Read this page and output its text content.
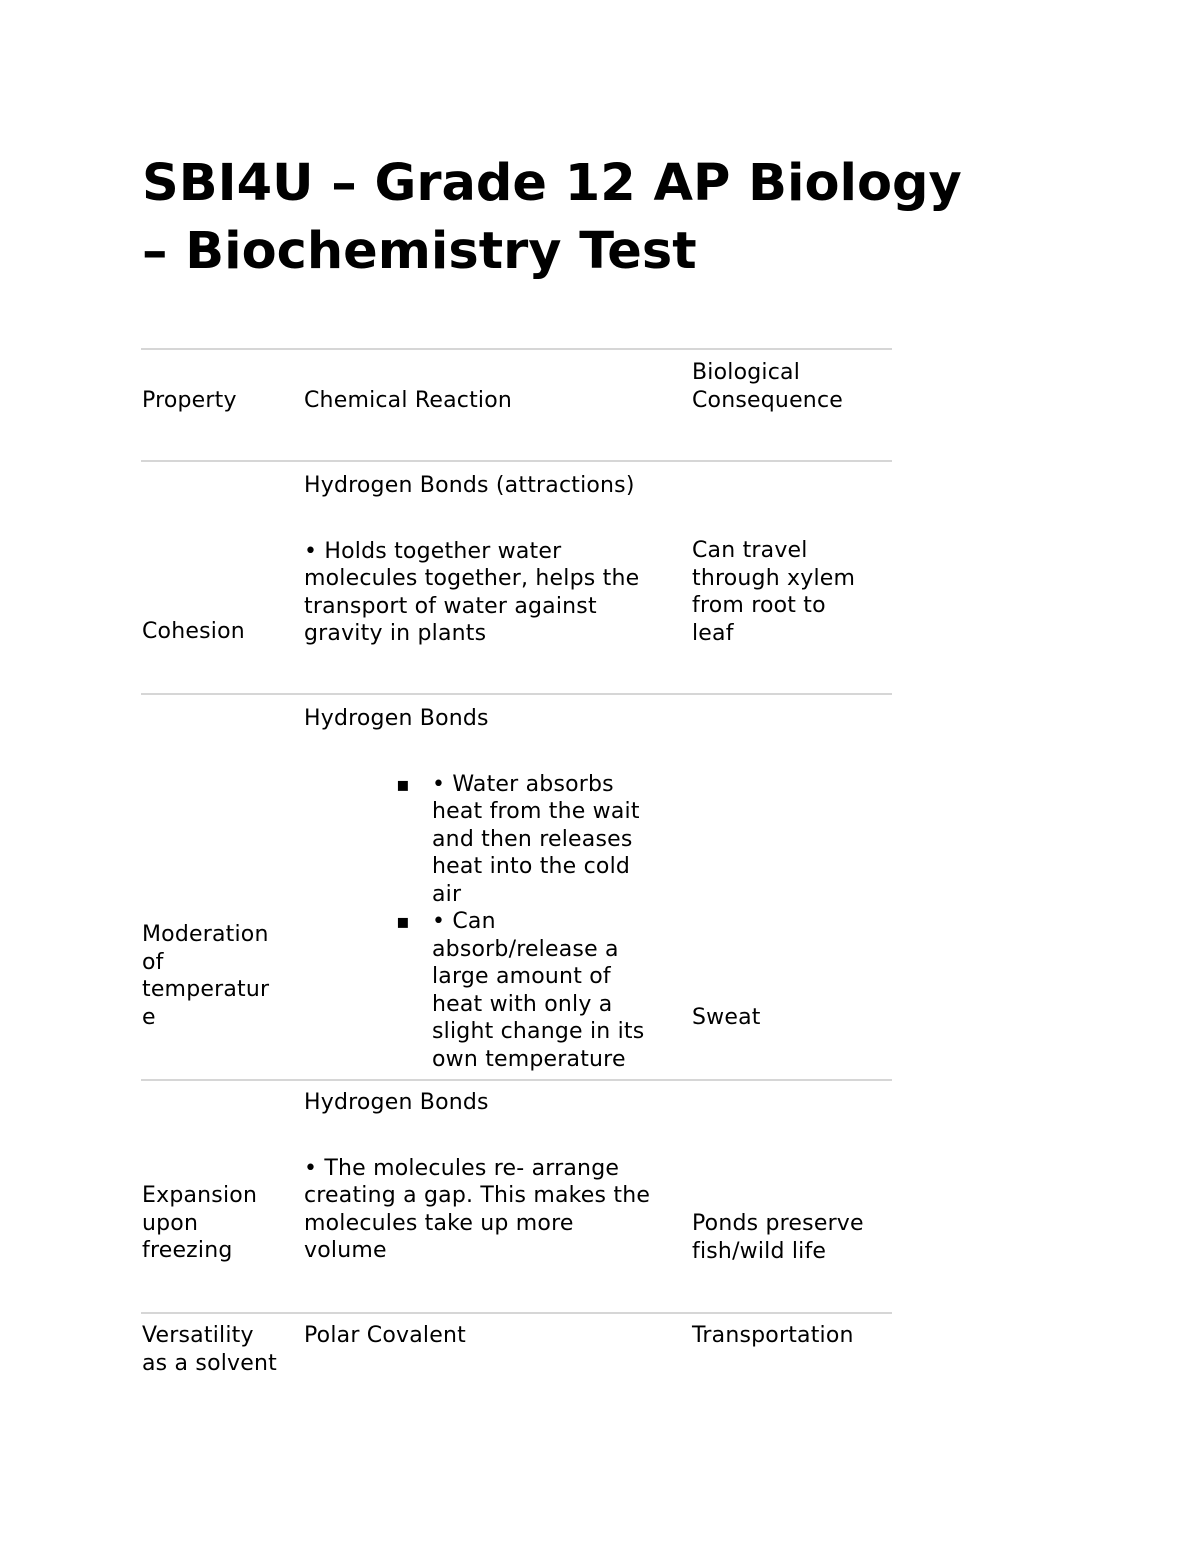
SBI4U – Grade 12 AP Biology
– Biochemistry Test
Property	Chemical Reaction
Biological
Consequence
Cohesion
Hydrogen Bonds (attractions)
• Holds together water
molecules together, helps the
transport of water against
gravity in plants
Can travel
through xylem
from root to
leaf
Moderation
of
temperatur
e
Hydrogen Bonds
▪ • Water absorbs
heat from the wait
and then releases
heat into the cold
air
▪ • Can
absorb/release a
large amount of
heat with only a
slight change in its
own temperature
Sweat
Expansion
upon
freezing
Hydrogen Bonds
• The molecules re- arrange
creating a gap. This makes the
molecules take up more
volume
Ponds preserve
fish/wild life
Versatility
as a solvent
Polar Covalent	Transportation
